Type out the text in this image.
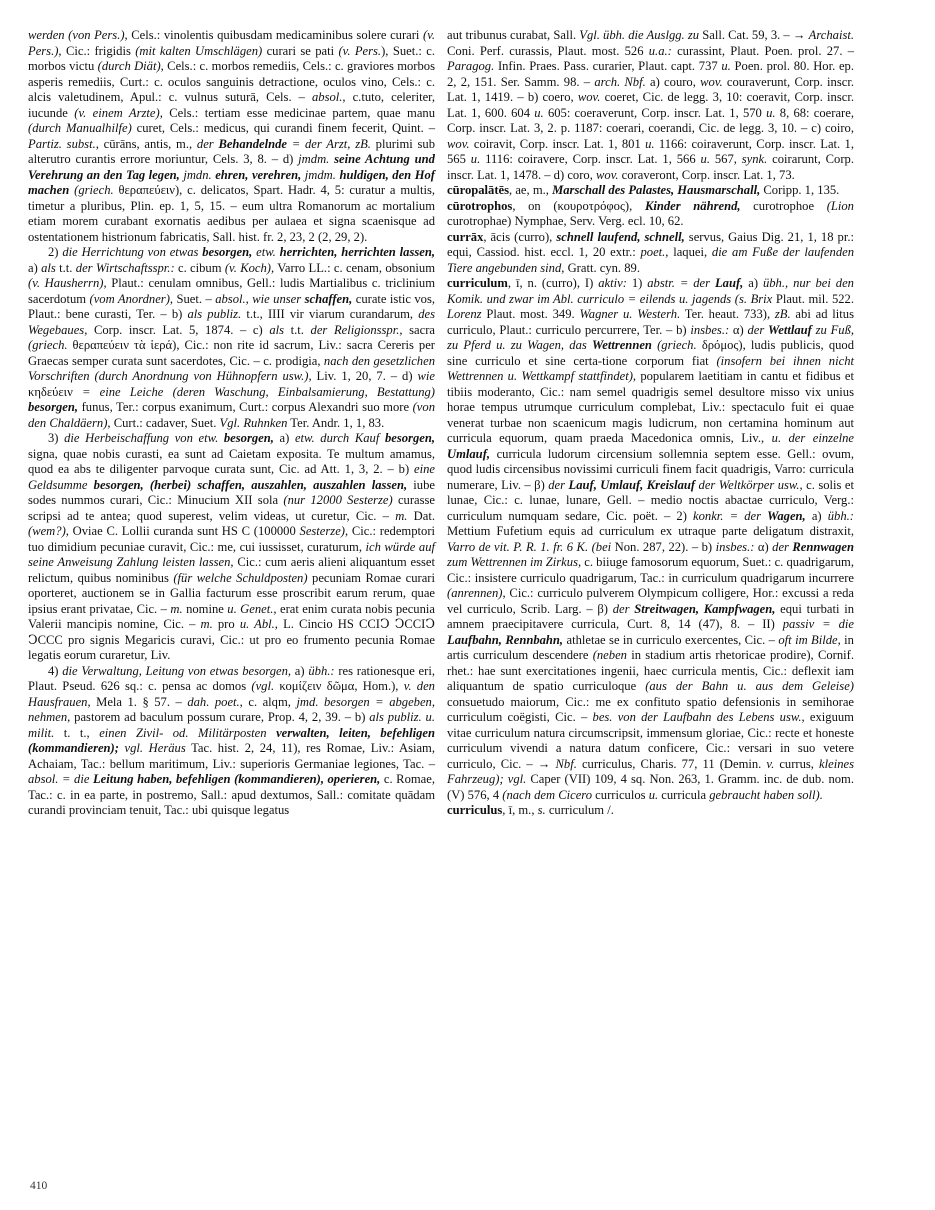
werden (von Pers.), Cels.: vinolentis quibusdam medicaminibus solere curari (v. Pers.), Cic.: frigidis (mit kalten Umschlägen) curari se pati (v. Pers.), Suet.: c. morbos victu (durch Diät), Cels.: c. morbos remediis, Cels.: c. graviores morbos asperis remediis, Curt.: c. oculos sanguinis detractione, oculos vino, Cels.: c. alcis valetudinem, Apul.: c. vulnus suturā, Cels. – absol., c.tuto, celeriter, iucunde (v. einem Arzte), Cels.: tertiam esse medicinae partem, quae manu (durch Manualhilfe) curet, Cels.: medicus, qui curandi finem fecerit, Quint. – Partiz. subst., cūrāns, antis, m., der Behandelnde = der Arzt, zB. plurimi sub alterutro curantis errore moriuntur, Cels. 3, 8. – d) jmdm. seine Achtung und Verehrung an den Tag legen, jmdn. ehren, verehren, jmdm. huldigen, den Hof machen (griech. θεραπεύειν), c. delicatos, Spart. Hadr. 4, 5: curatur a multis, timetur a pluribus, Plin. ep. 1, 5, 15. – eum ultra Romanorum ac mortalium etiam morem curabant exornatis aedibus per aulaea et signa scaenisque ad ostentationem histrionum fabricatis, Sall. hist. fr. 2, 23, 2 (2, 29, 2).

2) die Herrichtung von etwas besorgen, etw. herrichten, herrichten lassen, a) als t.t. der Wirtschaftsspr.: c. cibum (v. Koch), Varro LL.: c. cenam, obsonium (v. Hausherrn), Plaut.: cenulam omnibus, Gell.: ludis Martialibus c. triclinium sacerdotum (vom Anordner), Suet. – absol., wie unser schaffen, curate istic vos, Plaut.: bene curasti, Ter. – b) als publiz. t.t., IIII vir viarum curandarum, des Wegebaues, Corp. inscr. Lat. 5, 1874. – c) als t.t. der Religionsspr., sacra (griech. θεραπεύειν τὰ ἱερά), Cic.: non rite id sacrum, Liv.: sacra Cereris per Graecas semper curata sunt sacerdotes, Cic. – c. prodigia, nach den gesetzlichen Vorschriften (durch Anordnung von Hühnopfern usw.), Liv. 1, 20, 7. – d) wie κηδεύειν = eine Leiche (deren Waschung, Einbalsamierung, Bestattung) besorgen, funus, Ter.: corpus exanimum, Curt.: corpus Alexandri suo more (von den Chaldäern), Curt.: cadaver, Suet. Vgl. Ruhnken Ter. Andr. 1, 1, 83.

3) die Herbeischaffung von etw. besorgen, a) etw. durch Kauf besorgen, signa, quae nobis curasti, ea sunt ad Caietam exposita. Te multum amamus, quod ea abs te diligenter parvoque curata sunt, Cic. ad Att. 1, 3, 2. – b) eine Geldsumme besorgen, (herbei) schaffen, auszahlen, auszahlen lassen, iube sodes nummos curari, Cic.: Minucium XII sola (nur 12000 Sesterze) curasse scripsi ad te antea; quod superest, velim videas, ut curetur, Cic. – m. Dat. (wem?), Oviae C. Lollii curanda sunt HS C (100000 Sesterze), Cic.: redemptori tuo dimidium pecuniae curavit, Cic.: me, cui iussisset, curaturum, ich würde auf seine Anweisung Zahlung leisten lassen, Cic.: cum aeris alieni aliquantum esset relictum, quibus nominibus (für welche Schuldposten) pecuniam Romae curari oporteret, auctionem se in Gallia facturum esse proscribit earum rerum, quae ipsius erant privatae, Cic. – m. nomine u. Genet., erat enim curata nobis pecunia Valerii mancipis nomine, Cic. – m. pro u. Abl., L. Cincio HS CCIↃ ↃCCIↃ ↃCCC pro signis Megaricis curavi, Cic.: ut pro eo frumento pecunia Romae legatis eorum curaretur, Liv.

4) die Verwaltung, Leitung von etwas besorgen, a) übh.: res rationesque eri, Plaut. Pseud. 626 sq.: c. pensa ac domos (vgl. κομίζειν δῶμα, Hom.), v. den Hausfrauen, Mela 1. § 57. – dah. poet., c. alqm, jmd. besorgen = abgeben, nehmen, pastorem ad baculum possum curare, Prop. 4, 2, 39. – b) als publiz. u. milit. t. t., einen Zivil- od. Militärposten verwalten, leiten, befehligen (kommandieren); vgl. Heräus Tac. hist. 2, 24, 11), res Romae, Liv.: Asiam, Achaiam, Tac.: bellum maritimum, Liv.: superioris Germaniae legiones, Tac. – absol. = die Leitung haben, befehligen (kommandieren), operieren, c. Romae, Tac.: c. in ea parte, in postremo, Sall.: apud dextumos, Sall.: comitate quādam curandi provinciam tenuit, Tac.: ubi quisque legatus

aut tribunus curabat, Sall. Vgl. übh. die Auslgg. zu Sall. Cat. 59, 3. – → Archaist. Coni. Perf. curassis, Plaut. most. 526 u.a.: curassint, Plaut. Poen. prol. 27. – Paragog. Infin. Praes. Pass. curarier, Plaut. capt. 737 u. Poen. prol. 80. Hor. ep. 2, 2, 151. Ser. Samm. 98. – arch. Nbf. a) couro, wov. couraverunt, Corp. inscr. Lat. 1, 1419. – b) coero, wov. coeret, Cic. de legg. 3, 10: coeravit, Corp. inscr. Lat. 1, 600. 604 u. 605: coeraverunt, Corp. inscr. Lat. 1, 570 u. 8, 68: coerare, Corp. inscr. Lat. 3, 2. p. 1187: coerari, coerandi, Cic. de legg. 3, 10. – c) coiro, wov. coiravit, Corp. inscr. Lat. 1, 801 u. 1166: coiraverunt, Corp. inscr. Lat. 1, 565 u. 1116: coiravere, Corp. inscr. Lat. 1, 566 u. 567, synk. coirarunt, Corp. inscr. Lat. 1, 1478. – d) coro, wov. coraveront, Corp. inscr. Lat. 1, 73.

cūropalātēs, ae, m., Marschall des Palastes, Hausmarschall, Coripp. 1, 135.

cūrotrophos, on (κουροτρόφος), Kinder nährend, curotrophoe (Lion curotrophae) Nymphae, Serv. Verg. ecl. 10, 62.

currāx, ācis (curro), schnell laufend, schnell, servus, Gaius Dig. 21, 1, 18 pr.: equi, Cassiod. hist. eccl. 1, 20 extr.: poet., laquei, die am Fuße der laufenden Tiere angebunden sind, Gratt. cyn. 89.

curriculum, ī, n. (curro), I) aktiv: 1) abstr. = der Lauf, a) übh., nur bei den Komik. und zwar im Abl. curriculo = eilends u. jagends (s. Brix Plaut. mil. 522. Lorenz Plaut. most. 349. Wagner u. Westerh. Ter. heaut. 733), zB. abi ad litus curriculo, Plaut.: curriculo percurrere, Ter. – b) insbes.: α) der Wettlauf zu Fuß, zu Pferd u. zu Wagen, das Wettrennen (griech. δρόμος), ludis publicis, quod sine curriculo et sine certa-tione corporum fiat (insofern bei ihnen nicht Wettrennen u. Wettkampf stattfindet), popularem laetitiam in cantu et fidibus et tibiis moderanto, Cic.: nam semel quadrigis semel desultore misso vix unius horae tempus utrumque curriculum complebat, Liv.: spectaculo fuit ei quae venerat turbae non scaenicum magis ludicrum, non certamina hominum aut curricula equorum, quam praeda Macedonica omnis, Liv., u. der einzelne Umlauf, curricula ludorum circensium sollemnia septem esse. Gell.: ovum, quod ludis circensibus novissimi curriculi finem facit quadrigis, Varro: curricula numerare, Liv. – β) der Lauf, Umlauf, Kreislauf der Weltkörper usw., c. solis et lunae, Cic.: c. lunae, lunare, Gell. – medio noctis abactae curriculo, Verg.: curriculum numquam sedare, Cic. poët. – 2) konkr. = der Wagen, a) übh.: Mettium Fufetium equis ad curriculum ex utraque parte deligatum distraxit, Varro de vit. P. R. 1. fr. 6 K. (bei Non. 287, 22). – b) insbes.: α) der Rennwagen zum Wettrennen im Zirkus, c. biiuge famosorum equorum, Suet.: c. quadrigarum, Cic.: insistere curriculo quadrigarum, Tac.: in curriculum quadrigarum incurrere (anrennen), Cic.: curriculo pulverem Olympicum colligere, Hor.: excussi a reda vel curriculo, Scrib. Larg. – β) der Streitwagen, Kampfwagen, equi turbati in amnem praecipitavere curricula, Curt. 8, 14 (47), 8. – II) passiv = die Laufbahn, Rennbahn, athletae se in curriculo exercentes, Cic. – oft im Bilde, in artis curriculum descendere (neben in stadium artis rhetoricae prodire), Cornif. rhet.: hae sunt exercitationes ingenii, haec curricula mentis, Cic.: deflexit iam aliquantum de spatio curriculoque (aus der Bahn u. aus dem Geleise) consuetudo maiorum, Cic.: me ex confituto spatio defensionis in semihorae curriculum coëgisti, Cic. – bes. von der Laufbahn des Lebens usw., exiguum vitae curriculum natura circumscripsit, immensum gloriae, Cic.: recte et honeste curriculum vivendi a natura datum conficere, Cic.: versari in suo vetere curriculo, Cic. – → Nbf. curriculus, Charis. 77, 11 (Demin. v. currus, kleines Fahrzeug); vgl. Caper (VII) 109, 4 sq. Non. 263, 1. Gramm. inc. de dub. nom. (V) 576, 4 (nach dem Cicero curriculos u. curricula gebraucht haben soll).

curriculus, ī, m., s. curriculum /.

410
